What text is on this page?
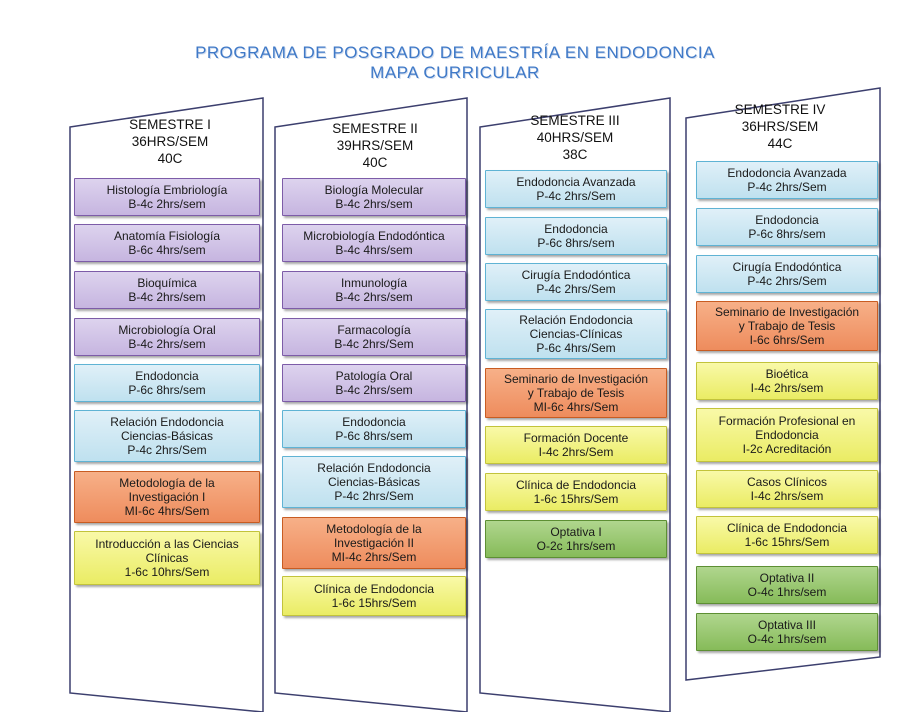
PROGRAMA DE POSGRADO DE MAESTRÍA EN ENDODONCIA
MAPA CURRICULAR
SEMESTRE I
36HRS/SEM
40C
Histología Embriología
B-4c 2hrs/sem
Anatomía Fisiología
B-6c 4hrs/sem
Bioquímica
B-4c 2hrs/sem
Microbiología Oral
B-4c 2hrs/sem
Endodoncia
P-6c 8hrs/sem
Relación Endodoncia
Ciencias-Básicas
P-4c 2hrs/Sem
Metodología de la
Investigación I
MI-6c 4hrs/Sem
Introducción a las Ciencias
Clínicas
1-6c 10hrs/Sem
SEMESTRE II
39HRS/SEM
40C
Biología Molecular
B-4c 2hrs/sem
Microbiología Endodóntica
B-4c 4hrs/sem
Inmunología
B-4c 2hrs/sem
Farmacología
B-4c 2hrs/Sem
Patología Oral
B-4c 2hrs/sem
Endodoncia
P-6c 8hrs/sem
Relación Endodoncia
Ciencias-Básicas
P-4c 2hrs/Sem
Metodología de la
Investigación II
MI-4c 2hrs/Sem
Clínica de Endodoncia
1-6c 15hrs/Sem
SEMESTRE III
40HRS/SEM
38C
Endodoncia Avanzada
P-4c 2hrs/Sem
Endodoncia
P-6c 8hrs/sem
Cirugía Endodóntica
P-4c 2hrs/Sem
Relación Endodoncia
Ciencias-Clínicas
P-6c 4hrs/Sem
Seminario de Investigación
y Trabajo de Tesis
MI-6c 4hrs/Sem
Formación Docente
I-4c 2hrs/Sem
Clínica de Endodoncia
1-6c 15hrs/Sem
Optativa I
O-2c 1hrs/sem
SEMESTRE IV
36HRS/SEM
44C
Endodoncia Avanzada
P-4c 2hrs/Sem
Endodoncia
P-6c 8hrs/sem
Cirugía Endodóntica
P-4c 2hrs/Sem
Seminario de Investigación
y Trabajo de Tesis
I-6c 6hrs/Sem
Bioética
I-4c 2hrs/sem
Formación Profesional en
Endodoncia
I-2c Acreditación
Casos Clínicos
I-4c 2hrs/sem
Clínica de Endodoncia
1-6c 15hrs/Sem
Optativa II
O-4c 1hrs/sem
Optativa III
O-4c 1hrs/sem
